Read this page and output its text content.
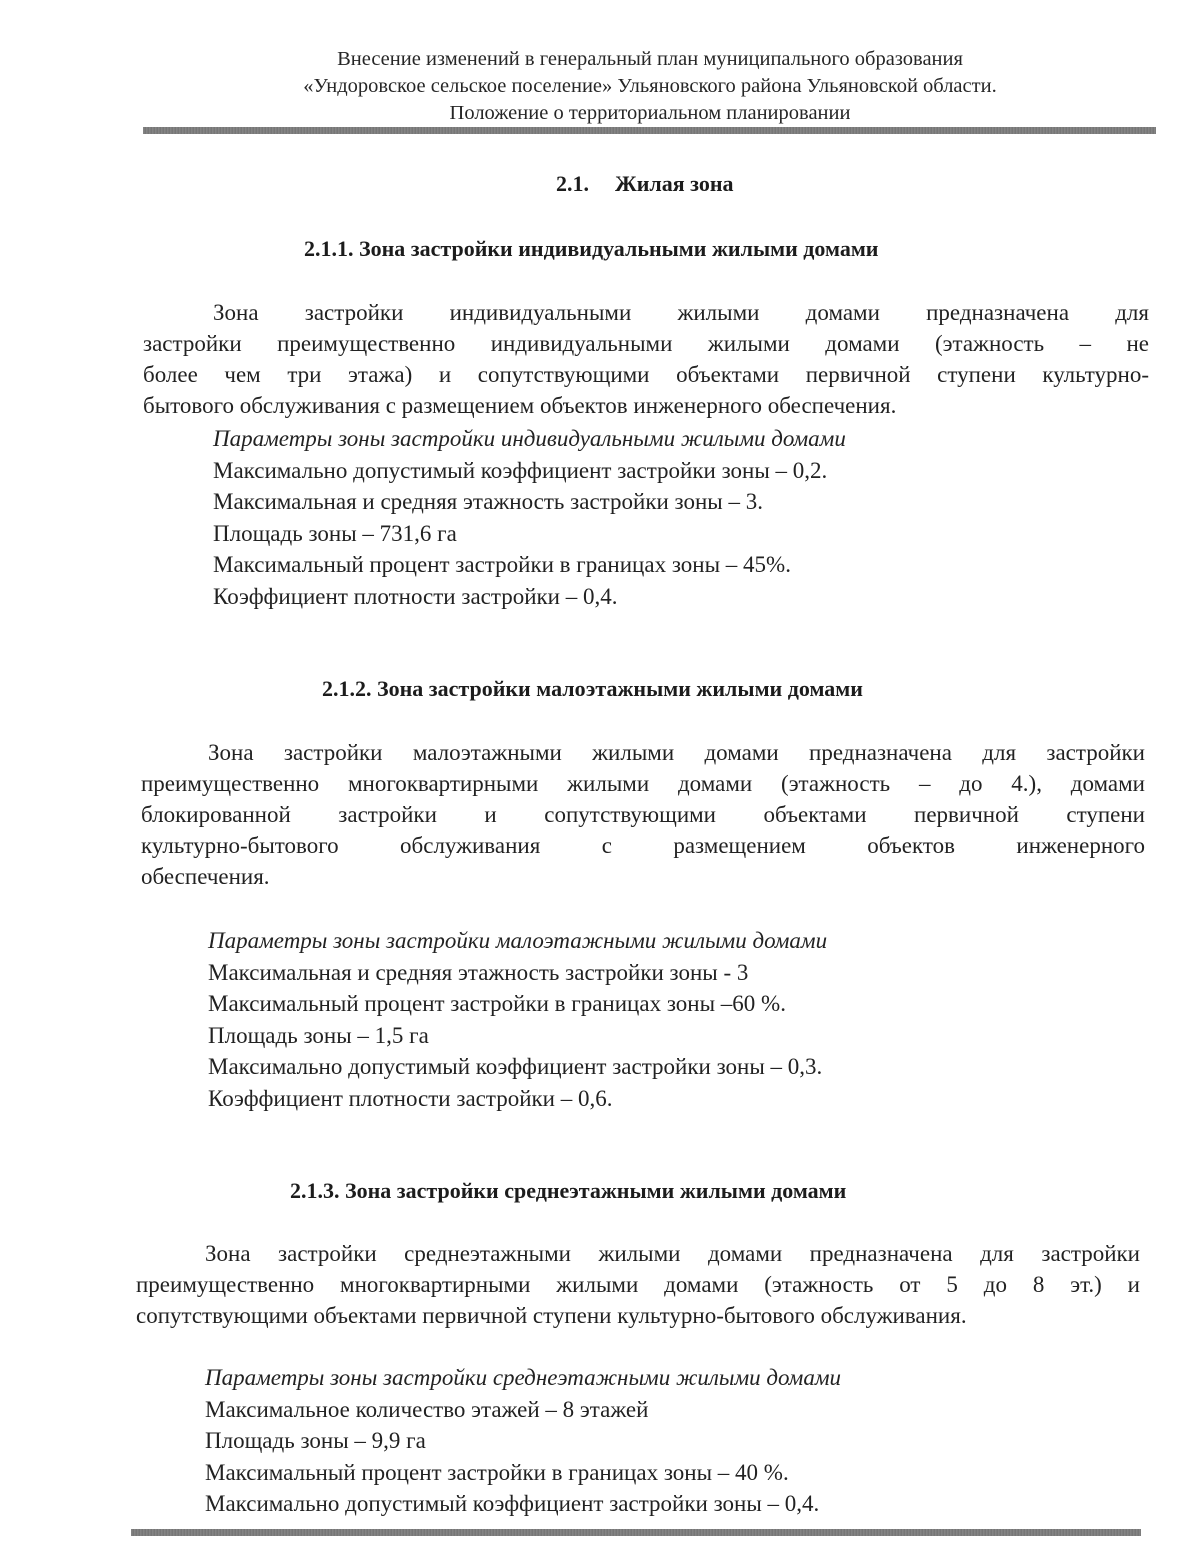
Внесение изменений в генеральный план муниципального образования
«Ундоровское сельское поселение» Ульяновского района Ульяновской области.
Положение о территориальном планировании
2.1. Жилая зона
2.1.1. Зона застройки индивидуальными жилыми домами
Зона застройки индивидуальными жилыми домами предназначена для
застройки преимущественно индивидуальными жилыми домами (этажность – не
более чем три этажа) и сопутствующими объектами первичной ступени культурно-
бытового обслуживания с размещением объектов инженерного обеспечения.
Параметры зоны застройки индивидуальными жилыми домами
Максимально допустимый коэффициент застройки зоны – 0,2.
Максимальная и средняя этажность застройки зоны – 3.
Площадь зоны – 731,6 га
Максимальный процент застройки в границах зоны – 45%.
Коэффициент плотности застройки – 0,4.
2.1.2. Зона застройки малоэтажными жилыми домами
Зона застройки малоэтажными жилыми домами предназначена для застройки
преимущественно многоквартирными жилыми домами (этажность – до 4.), домами
блокированной застройки и сопутствующими объектами первичной ступени
культурно-бытового обслуживания с размещением объектов инженерного
обеспечения.
Параметры зоны застройки малоэтажными жилыми домами
Максимальная и средняя этажность застройки зоны - 3
Максимальный процент застройки в границах зоны –60 %.
Площадь зоны – 1,5 га
Максимально допустимый коэффициент застройки зоны – 0,3.
Коэффициент плотности застройки – 0,6.
2.1.3. Зона застройки среднеэтажными жилыми домами
Зона застройки среднеэтажными жилыми домами предназначена для застройки
преимущественно многоквартирными жилыми домами (этажность от 5 до 8 эт.) и
сопутствующими объектами первичной ступени культурно-бытового обслуживания.
Параметры зоны застройки среднеэтажными жилыми домами
Максимальное количество этажей – 8 этажей
Площадь зоны – 9,9 га
Максимальный процент застройки в границах зоны – 40 %.
Максимально допустимый коэффициент застройки зоны – 0,4.
